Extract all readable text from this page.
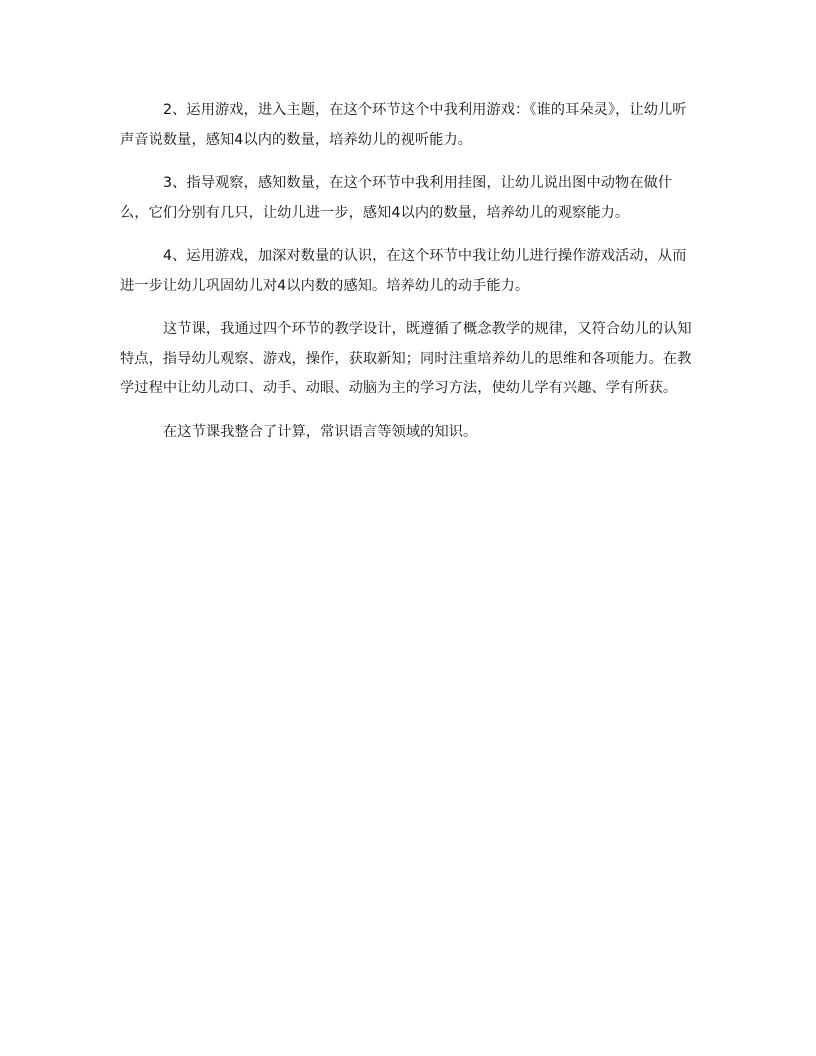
2、运用游戏，进入主题，在这个环节这个中我利用游戏：《谁的耳朵灵》，让幼儿听声音说数量，感知4以内的数量，培养幼儿的视听能力。

3、指导观察，感知数量，在这个环节中我利用挂图，让幼儿说出图中动物在做什么，它们分别有几只，让幼儿进一步，感知4以内的数量，培养幼儿的观察能力。

4、运用游戏，加深对数量的认识，在这个环节中我让幼儿进行操作游戏活动，从而进一步让幼儿巩固幼儿对4以内数的感知。培养幼儿的动手能力。

这节课，我通过四个环节的教学设计，既遵循了概念教学的规律，又符合幼儿的认知特点，指导幼儿观察、游戏，操作，获取新知；同时注重培养幼儿的思维和各项能力。在教学过程中让幼儿动口、动手、动眼、动脑为主的学习方法，使幼儿学有兴趣、学有所获。

在这节课我整合了计算，常识语言等领域的知识。
